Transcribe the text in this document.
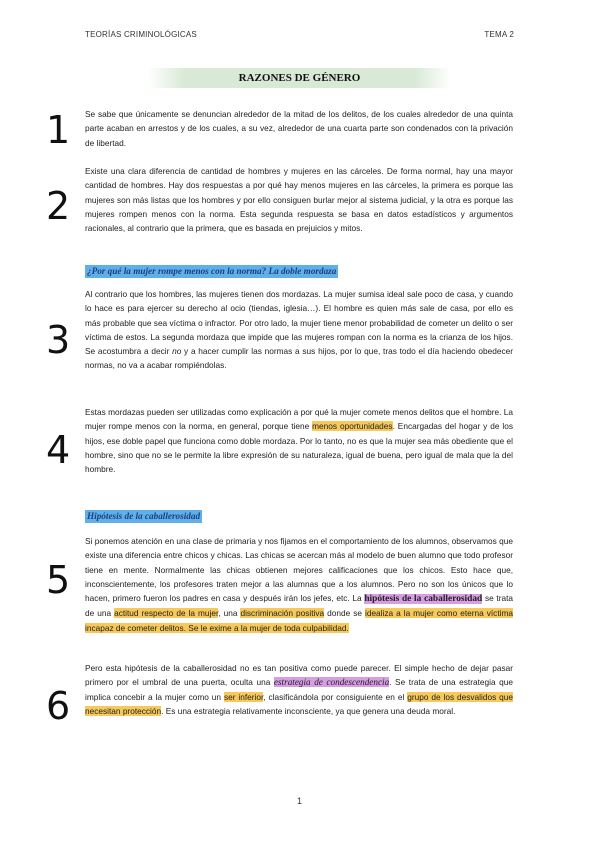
TEORÍAS CRIMINOLÓGICAS	TEMA 2
RAZONES DE GÉNERO
1
2
3
4
5
6
Se sabe que únicamente se denuncian alrededor de la mitad de los delitos, de los cuales alrededor de una quinta parte acaban en arrestos y de los cuales, a su vez, alrededor de una cuarta parte son condenados con la privación de libertad.
Existe una clara diferencia de cantidad de hombres y mujeres en las cárceles. De forma normal, hay una mayor cantidad de hombres. Hay dos respuestas a por qué hay menos mujeres en las cárceles, la primera es porque las mujeres son más listas que los hombres y por ello consiguen burlar mejor al sistema judicial, y la otra es porque las mujeres rompen menos con la norma. Esta segunda respuesta se basa en datos estadísticos y argumentos racionales, al contrario que la primera, que es basada en prejuicios y mitos.
¿Por qué la mujer rompe menos con la norma? La doble mordaza
Al contrario que los hombres, las mujeres tienen dos mordazas. La mujer sumisa ideal sale poco de casa, y cuando lo hace es para ejercer su derecho al ocio (tiendas, iglesia…). El hombre es quien más sale de casa, por ello es más probable que sea víctima o infractor. Por otro lado, la mujer tiene menor probabilidad de cometer un delito o ser víctima de estos. La segunda mordaza que impide que las mujeres rompan con la norma es la crianza de los hijos. Se acostumbra a decir no y a hacer cumplir las normas a sus hijos, por lo que, tras todo el día haciendo obedecer normas, no va a acabar rompiéndolas.
Estas mordazas pueden ser utilizadas como explicación a por qué la mujer comete menos delitos que el hombre. La mujer rompe menos con la norma, en general, porque tiene menos oportunidades. Encargadas del hogar y de los hijos, ese doble papel que funciona como doble mordaza. Por lo tanto, no es que la mujer sea más obediente que el hombre, sino que no se le permite la libre expresión de su naturaleza, igual de buena, pero igual de mala que la del hombre.
Hipótesis de la caballerosidad
Si ponemos atención en una clase de primaria y nos fijamos en el comportamiento de los alumnos, observamos que existe una diferencia entre chicos y chicas. Las chicas se acercan más al modelo de buen alumno que todo profesor tiene en mente. Normalmente las chicas obtienen mejores calificaciones que los chicos. Esto hace que, inconscientemente, los profesores traten mejor a las alumnas que a los alumnos. Pero no son los únicos que lo hacen, primero fueron los padres en casa y después irán los jefes, etc. La hipótesis de la caballerosidad se trata de una actitud respecto de la mujer, una discriminación positiva donde se idealiza a la mujer como eterna víctima incapaz de cometer delitos. Se le exime a la mujer de toda culpabilidad.
Pero esta hipótesis de la caballerosidad no es tan positiva como puede parecer. El simple hecho de dejar pasar primero por el umbral de una puerta, oculta una estrategia de condescendencia. Se trata de una estrategia que implica concebir a la mujer como un ser inferior, clasificándola por consiguiente en el grupo de los desvalidos que necesitan protección. Es una estrategia relativamente inconsciente, ya que genera una deuda moral.
1
